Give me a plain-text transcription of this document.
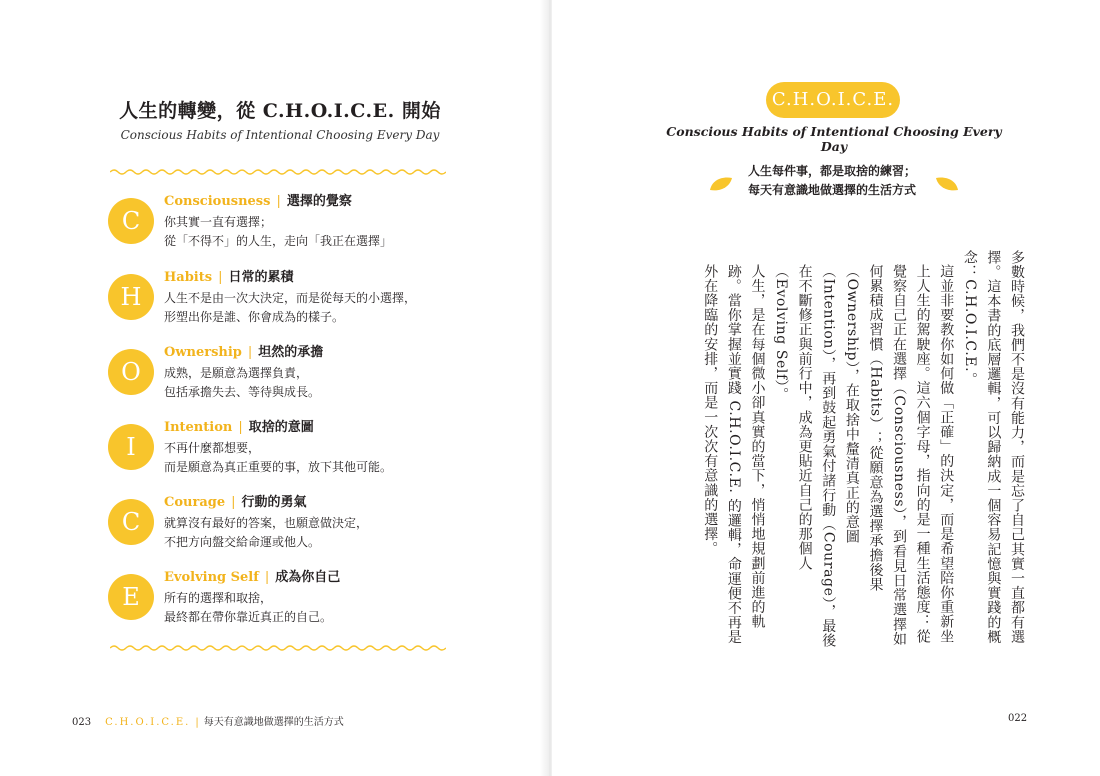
人生的轉變，從 C.H.O.I.C.E. 開始
Conscious Habits of Intentional Choosing Every Day
C
Consciousness | 選擇的覺察
你其實一直有選擇；
從「不得不」的人生，走向「我正在選擇」
H
Habits | 日常的累積
人生不是由一次大決定，而是從每天的小選擇，
形塑出你是誰、你會成為的樣子。
O
Ownership | 坦然的承擔
成熟，是願意為選擇負責，
包括承擔失去、等待與成長。
I
Intention | 取捨的意圖
不再什麼都想要，
而是願意為真正重要的事，放下其他可能。
C
Courage | 行動的勇氣
就算沒有最好的答案，也願意做決定，
不把方向盤交給命運或他人。
E
Evolving Self | 成為你自己
所有的選擇和取捨，
最終都在帶你靠近真正的自己。
023 C.H.O.I.C.E. | 每天有意識地做選擇的生活方式
C.H.O.I.C.E.
Conscious Habits of Intentional Choosing Every Day
人生每件事，都是取捨的練習；
每天有意識地做選擇的生活方式

多數時候，我們不是沒有能力，而是忘了自己其實一直都有選擇。這本書的底層邏輯，可以歸納成一個容易記憶與實踐的概念：C.H.O.I.C.E.。

這並非要教你如何做「正確」的決定，而是希望陪你重新坐上人生的駕駛座。這六個字母，指向的是一種生活態度：從覺察自己正在選擇（Consciousness），到看見日常選擇如何累積成習慣（Habits）；從願意為選擇承擔後果（Ownership），在取捨中釐清真正的意圖（Intention），再到鼓起勇氣付諸行動（Courage），最後在不斷修正與前行中，成為更貼近自己的那個人（Evolving Self）。

人生，是在每個微小卻真實的當下，悄悄地規劃前進的軌跡。當你掌握並實踐 C.H.O.I.C.E. 的邏輯，命運便不再是外在降臨的安排，而是一次次有意識的選擇。

022
